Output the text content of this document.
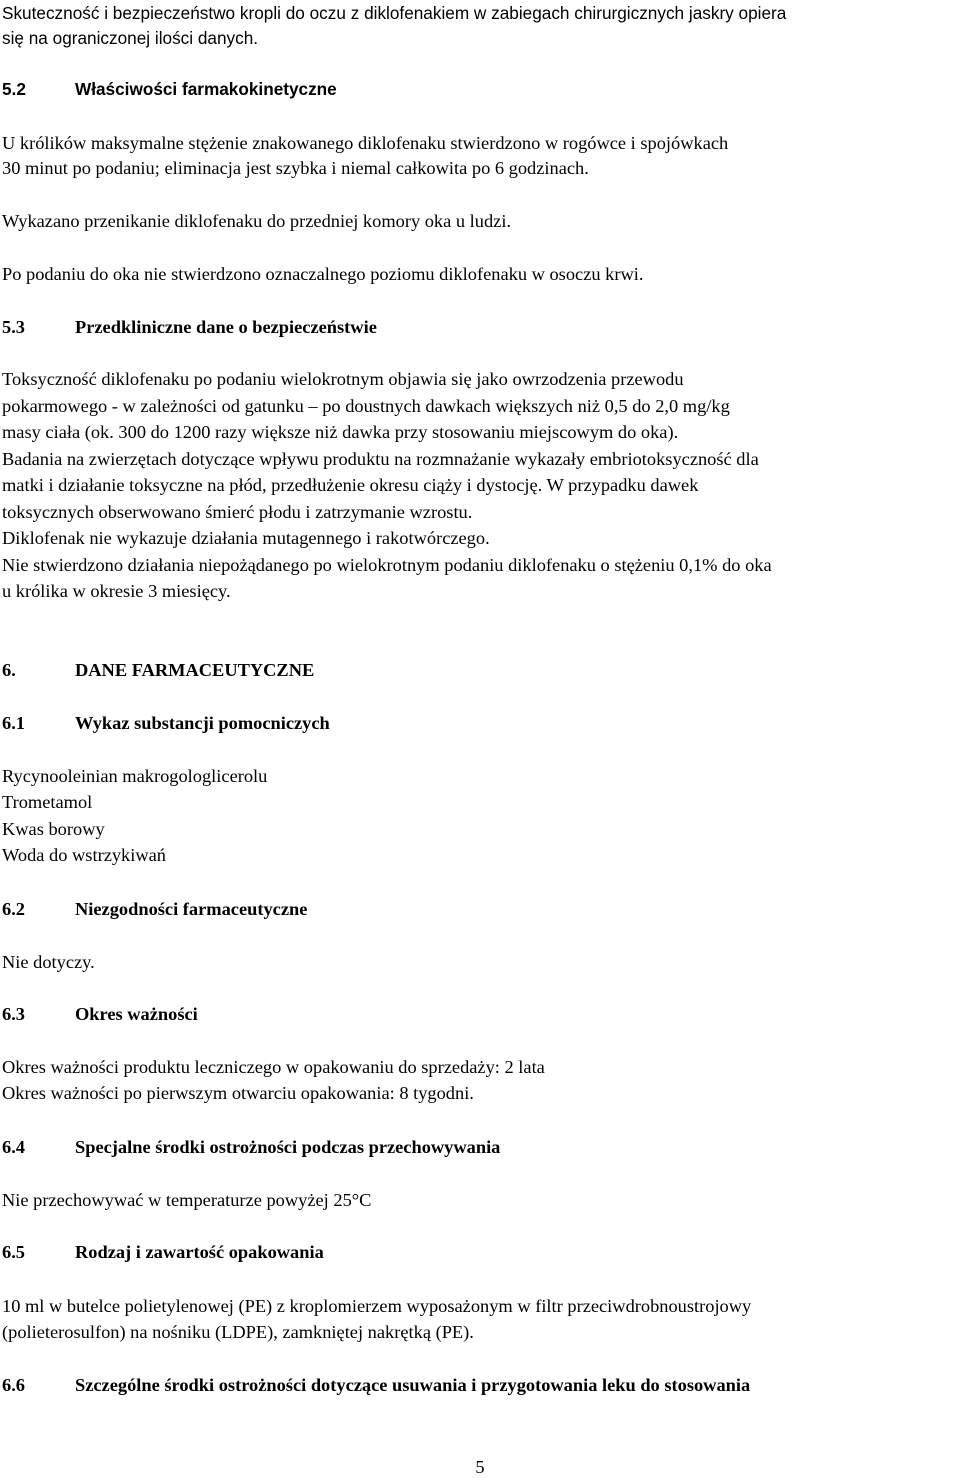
Skuteczność i bezpieczeństwo kropli do oczu z diklofenakiem w zabiegach chirurgicznych jaskry opiera
się na ograniczonej ilości danych.
5.2	Właściwości farmakokinetyczne
U królików maksymalne stężenie znakowanego diklofenaku stwierdzono w rogówce i spojówkach
30 minut po podaniu; eliminacja jest szybka i niemal całkowita po 6 godzinach.
Wykazano przenikanie diklofenaku do przedniej komory oka u ludzi.
Po podaniu do oka nie stwierdzono oznaczalnego poziomu diklofenaku w osoczu krwi.
5.3	Przedkliniczne dane o bezpieczeństwie
Toksyczność diklofenaku po podaniu wielokrotnym objawia się jako owrzodzenia przewodu
pokarmowego - w zależności od gatunku – po doustnych dawkach większych niż 0,5 do 2,0 mg/kg
masy ciała (ok. 300 do 1200 razy większe niż dawka przy stosowaniu miejscowym do oka).
Badania na zwierzętach dotyczące wpływu produktu na rozmnażanie wykazały embriotoksyczność dla
matki i działanie toksyczne na płód, przedłużenie okresu ciąży i dystocję. W przypadku dawek
toksycznych obserwowano śmierć płodu i zatrzymanie wzrostu.
Diklofenak nie wykazuje działania mutagennego i rakotwórczego.
Nie stwierdzono działania niepożądanego po wielokrotnym podaniu diklofenaku o stężeniu 0,1% do oka
u królika w okresie 3 miesięcy.
6.	DANE FARMACEUTYCZNE
6.1	Wykaz substancji pomocniczych
Rycynooleinian makrogologlicerolu
Trometamol
Kwas borowy
Woda do wstrzykiwań
6.2	Niezgodności farmaceutyczne
Nie dotyczy.
6.3	Okres ważności
Okres ważności produktu leczniczego w opakowaniu do sprzedaży: 2 lata
Okres ważności po pierwszym otwarciu opakowania: 8 tygodni.
6.4	Specjalne środki ostrożności podczas przechowywania
Nie przechowywać w temperaturze powyżej 25°C
6.5	Rodzaj i zawartość opakowania
10 ml w butelce polietylenowej (PE) z kroplomierzem wyposażonym w filtr przeciwdrobnoustrojowy
(polieterosulfon) na nośniku (LDPE), zamkniętej nakrętką (PE).
6.6	Szczególne środki ostrożności dotyczące usuwania i przygotowania leku do stosowania
5
